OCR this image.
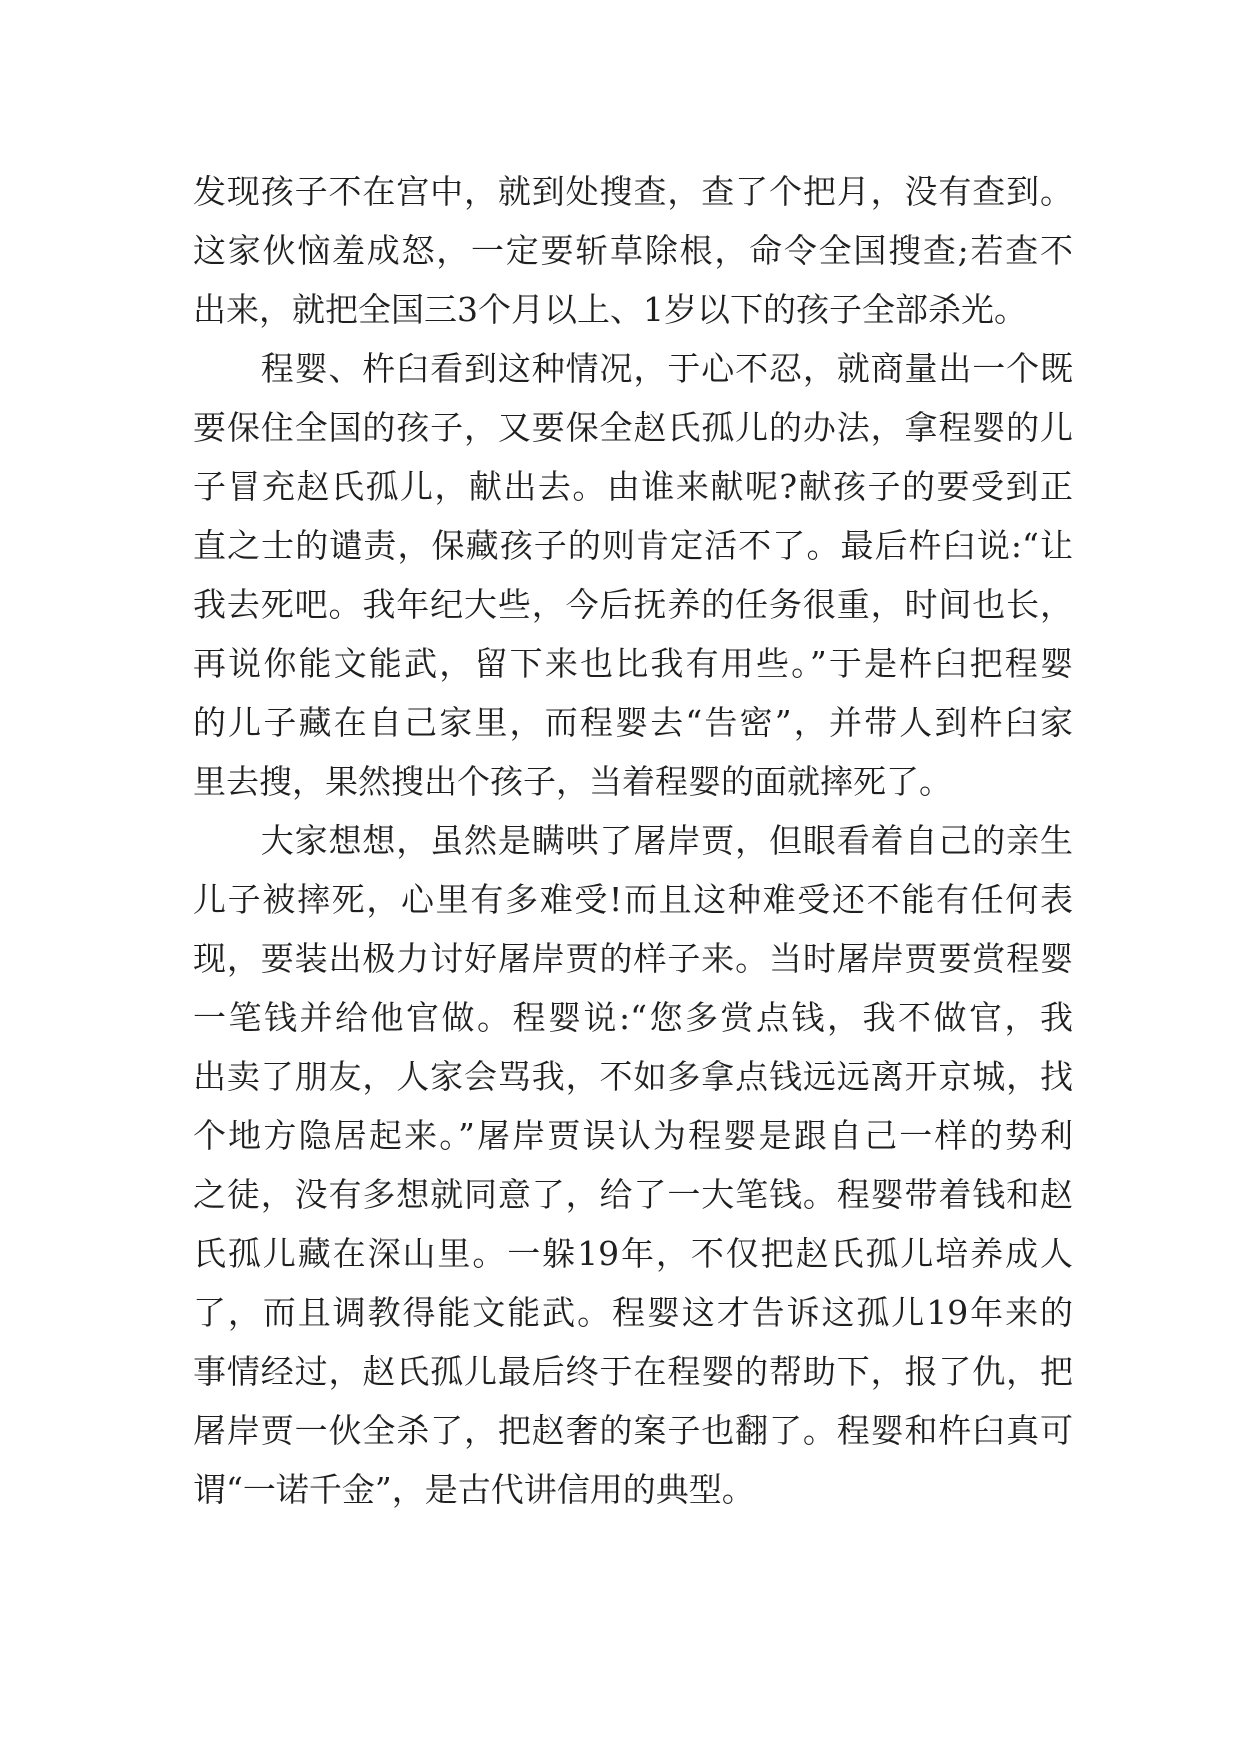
发现孩子不在宫中，就到处搜查，查了个把月，没有查到。
这家伙恼羞成怒，一定要斩草除根，命令全国搜查;若查不
出来，就把全国三3个月以上、1岁以下的孩子全部杀光。
　　程婴、杵臼看到这种情况，于心不忍，就商量出一个既
要保住全国的孩子，又要保全赵氏孤儿的办法，拿程婴的儿
子冒充赵氏孤儿，献出去。由谁来献呢?献孩子的要受到正
直之士的谴责，保藏孩子的则肯定活不了。最后杵臼说:“让
我去死吧。我年纪大些，今后抚养的任务很重，时间也长，
再说你能文能武，留下来也比我有用些。”于是杵臼把程婴
的儿子藏在自己家里，而程婴去“告密”，并带人到杵臼家
里去搜，果然搜出个孩子，当着程婴的面就摔死了。
　　大家想想，虽然是瞒哄了屠岸贾，但眼看着自己的亲生
儿子被摔死，心里有多难受!而且这种难受还不能有任何表
现，要装出极力讨好屠岸贾的样子来。当时屠岸贾要赏程婴
一笔钱并给他官做。程婴说:“您多赏点钱，我不做官，我
出卖了朋友，人家会骂我，不如多拿点钱远远离开京城，找
个地方隐居起来。”屠岸贾误认为程婴是跟自己一样的势利
之徒，没有多想就同意了，给了一大笔钱。程婴带着钱和赵
氏孤儿藏在深山里。一躲19年，不仅把赵氏孤儿培养成人
了，而且调教得能文能武。程婴这才告诉这孤儿19年来的
事情经过，赵氏孤儿最后终于在程婴的帮助下，报了仇，把
屠岸贾一伙全杀了，把赵奢的案子也翻了。程婴和杵臼真可
谓“一诺千金”，是古代讲信用的典型。
